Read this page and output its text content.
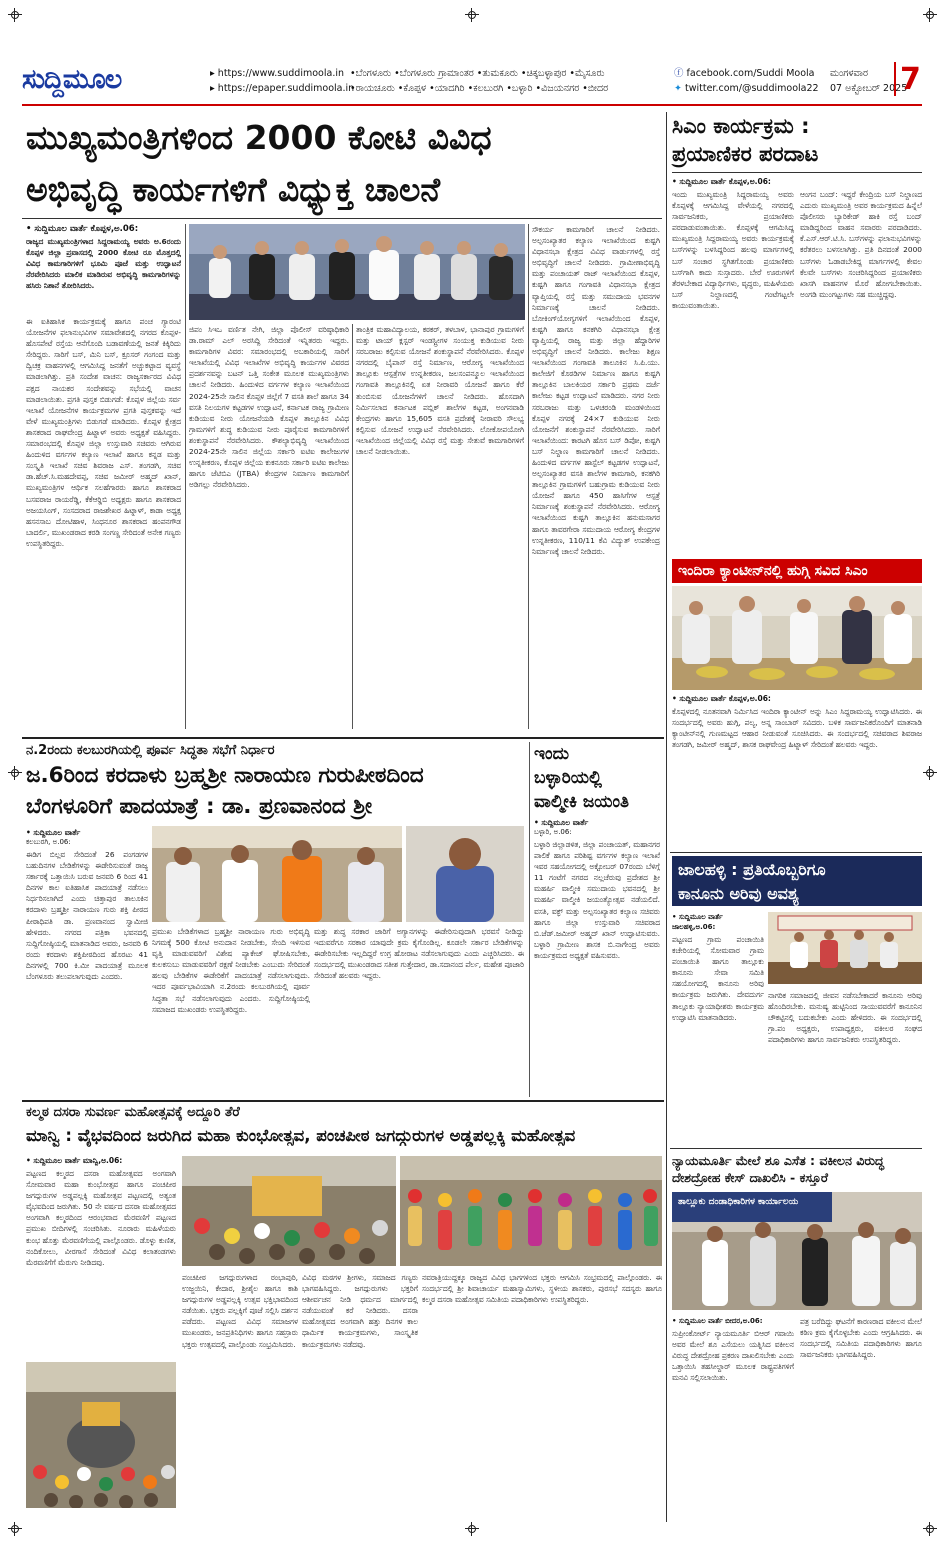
ಸುದ್ದಿಮೂಲ	▸ https://www.suddimoola.in
▸ https://epaper.suddimoola.in
•ಬೆಂಗಳೂರು •ಬೆಂಗಳೂರು ಗ್ರಾಮಾಂತರ •ತುಮಕೂರು •ಚಿಕ್ಕಬಳ್ಳಾಪುರ •ಮೈಸೂರು
•ರಾಯಚೂರು •ಕೊಪ್ಪಳ •ಯಾದಗಿರಿ •ಕಲಬುರಗಿ •ಬಳ್ಳಾರಿ •ವಿಜಯನಗರ •ಬೀದರ
ⓕ facebook.com/Suddi Moola
✦ twitter.com/@suddimoola22
ಮಂಗಳವಾರ
07 ಅಕ್ಟೋಬರ್ 2025
7
ಮುಖ್ಯಮಂತ್ರಿಗಳಿಂದ 2000 ಕೋಟಿ ವಿವಿಧ
ಅಭಿವೃದ್ಧಿ ಕಾರ್ಯಗಳಿಗೆ ವಿಧ್ಯುಕ್ತ ಚಾಲನೆ
• ಸುದ್ದಿಮೂಲ ವಾರ್ತೆ ಕೊಪ್ಪಳ,ಅ.06:
ರಾಜ್ಯದ ಮುಖ್ಯಮಂತ್ರಿಗಳಾದ ಸಿದ್ದರಾಮಯ್ಯ ಅವರು ಅ.6ರಂದು ಕೊಪ್ಪಳ ಜಿಲ್ಲಾ ಪ್ರವಾಸದಲ್ಲಿ 2000 ಕೋಟಿ ರೂ ಮೊತ್ತದಲ್ಲಿ ವಿವಿಧ ಕಾಮಗಾರಿಗಳಿಗೆ ಭೂಮಿ ಪೂಜೆ ಮತ್ತು ಉದ್ಘಾಟನೆ ನೆರವೇರಿಸಿದರು ಮಾಲಿಕ ಮಾಡಿರುವ ಅಭಿವೃದ್ಧಿ ಕಾಮಗಾರಿಗಳನ್ನು ಹಸಿರು ನಿಶಾನೆ ತೋರಿಸಿದರು.
ಈ ಐತಿಹಾಸಿಕ ಕಾರ್ಯಕ್ರಮಕ್ಕೆ ಹಾಗೂ ಪಂಚ ಗ್ಯಾರಂಟಿ ಯೋಜನೆಗಳ ಫಲಾನುಭವಿಗಳ ಸಮಾವೇಶದಲ್ಲಿ ನಗರದ ಕೊಪ್ಪಳ-ಹೊಸಪೇಟೆ ರಸ್ತೆಯ ಆನೆಗೊಂದಿ ಬಡಾವಣೆಯಲ್ಲಿ ಜನತೆ ಕಿಕ್ಕಿರಿದು ಸೇರಿದ್ದರು. ಸಾರಿಗೆ ಬಸ್, ಮಿನಿ ಬಸ್, ಕ್ರೂಸರ್ ಗಂಗಂದ ಮತ್ತು ದ್ವಿಚಕ್ರ ವಾಹನಗಳಲ್ಲಿ ಆಗಮಿಸಿದ್ದ ಜನತೆಗೆ ಅಚ್ಚುಕಟ್ಟಾದ ವ್ಯವಸ್ಥೆ ಮಾಡಲಾಗಿತ್ತು. ಪ್ರತಿ ಸಂದೇಶ ವಾಚನ: ರಾಜ್ಯಸರ್ಕಾರದ ವಿವಿಧ ಪಕ್ಷದ ನಾಯಕರ ಸಂದೇಶವನ್ನು ಸಭೆಯಲ್ಲಿ ವಾಚನ ಮಾಡಲಾಯಿತು. ಪ್ರಗತಿ ಪುಸ್ತಕ ಬಿಡುಗಡೆ: ಕೊಪ್ಪಳ ಜಿಲ್ಲೆಯ ಸರ್ವ ಇಲಾಖೆ ಯೋಜನೆಗಳ ಕಾರ್ಯಕ್ರಮಗಳ ಪ್ರಗತಿ ಪುಸ್ತಕವನ್ನು ಇದೆ ವೇಳೆ ಮುಖ್ಯಮಂತ್ರಿಗಳು ಬಿಡುಗಡೆ ಮಾಡಿದರು. ಕೊಪ್ಪಳ ಕ್ಷೇತ್ರದ ಶಾಸಕರಾದ ರಾಘವೇಂದ್ರ ಹಿಟ್ನಾಳ್ ಅವರು ಅಧ್ಯಕ್ಷತೆ ವಹಿಸಿದ್ದರು. ಸಮಾರಂಭದಲ್ಲಿ ಕೊಪ್ಪಳ ಜಿಲ್ಲಾ ಉಸ್ತುವಾರಿ ಸಚಿವರು ಆಗಿರುವ ಹಿಂದುಳಿದ ವರ್ಗಗಳ ಕಲ್ಯಾಣ ಇಲಾಖೆ ಹಾಗೂ ಕನ್ನಡ ಮತ್ತು ಸಂಸ್ಕೃತಿ ಇಲಾಖೆ ಸಚಿವ ಶಿವರಾಜ ಎಸ್. ತಂಗಡಗಿ, ಸಚಿವ ಡಾ.ಹೆಚ್.ಸಿ.ಮಹದೇವಪ್ಪ, ಸಚಿವ ಜಮೀರ್ ಅಹ್ಮದ್ ಖಾನ್, ಮುಖ್ಯಮಂತ್ರಿಗಳ ಆರ್ಥಿಕ ಸಲಹೆಗಾರರು ಹಾಗೂ ಶಾಸಕರಾದ ಬಸವರಾಜ ರಾಯರೆಡ್ಡಿ, ಕೆಕೆಆರ್‍ಡಿಬಿ ಅಧ್ಯಕ್ಷರು ಹಾಗೂ ಶಾಸಕರಾದ ಅಜಯಸಿಂಗ್, ಸಂಸದರಾದ ರಾಜಶೇಖರ ಹಿಟ್ನಾಳ್, ಕಾಡಾ ಅಧ್ಯಕ್ಷ ಹಸನಸಾಬ ದೋಟಿಹಾಳ, ಸಿಂಧನೂರ ಶಾಸಕರಾದ ಹಂಪನಗೌಡ ಬಾದರ್ಲಿ, ಮುಖಂಡರಾದ ಕರಡಿ ಸಂಗಣ್ಣ ಸೇರಿದಂತೆ ಅನೇಕ ಗಣ್ಯರು ಉಪಸ್ಥಿತರಿದ್ದರು.
ಜಿಪಂ ಸಿಇಒ ವರ್ಣಿತ ನೇಗಿ, ಜಿಲ್ಲಾ ಪೊಲೀಸ್ ವರಿಷ್ಠಾಧಿಕಾರಿ ಡಾ.ರಾಮ್ ಎಲ್ ಅರಸಿದ್ದಿ ಸೇರಿದಂತೆ ಇನ್ನಿತರರು ಇದ್ದರು. ಕಾಮಗಾರಿಗಳ ವಿವರ: ಸಮಾರಂಭದಲ್ಲಿ ಅಬಕಾರಿಯಲ್ಲಿ ಸಾರಿಗೆ ಇಲಾಖೆಯಲ್ಲಿ ವಿವಿಧ ಇಲಾಖೆಗಳ ಅಭಿವೃದ್ಧಿ ಕಾರ್ಯಗಳ ವಿವರದ ಪ್ರದರ್ಶನವನ್ನು ಬಟನ್ ಒತ್ತಿ ಸಂಕೇತ ಮೂಲಕ ಮುಖ್ಯಮಂತ್ರಿಗಳು ಚಾಲನೆ ನೀಡಿದರು. ಹಿಂದುಳಿದ ವರ್ಗಗಳ ಕಲ್ಯಾಣ ಇಲಾಖೆಯಿಂದ 2024-25ನೇ ಸಾಲಿನ ಕೊಪ್ಪಳ ಜಿಲ್ಲೆಗೆ 7 ವಸತಿ ಶಾಲೆ ಹಾಗೂ 34 ವಸತಿ ನಿಲಯಗಳ ಕಟ್ಟಡಗಳ ಉದ್ಘಾಟನೆ, ಕರ್ನಾಟಕ ರಾಜ್ಯ ಗ್ರಾಮೀಣ ಕುಡಿಯುವ ನೀರು ಯೋಜನೆಯಡಿ ಕೊಪ್ಪಳ ತಾಲ್ಲೂಕಿನ ವಿವಿಧ ಗ್ರಾಮಗಳಿಗೆ ಶುದ್ಧ ಕುಡಿಯುವ ನೀರು ಪೂರೈಸುವ ಕಾಮಗಾರಿಗಳಿಗೆ ಶಂಕುಸ್ಥಾಪನೆ ನೆರವೇರಿಸಿದರು. ಕೌಶಲ್ಯಾಭಿವೃದ್ಧಿ ಇಲಾಖೆಯಿಂದ 2024-25ನೇ ಸಾಲಿನ ಜಿಲ್ಲೆಯ ಸರ್ಕಾರಿ ಐಟಿಐ ಕಾಲೇಜುಗಳ ಉನ್ನತೀಕರಣ, ಕೊಪ್ಪಳ ಜಿಲ್ಲೆಯ ಕುಕನೂರು ಸರ್ಕಾರಿ ಐಟಿಐ ಕಾಲೇಜು ಹಾಗೂ ಜೆಟಿಬಿಎ (JTBA) ಕೇಂದ್ರಗಳ ನಿರ್ಮಾಣ ಕಾಮಗಾರಿಗೆ ಅಡಿಗಲ್ಲು ನೆರವೇರಿಸಿದರು.
ತಾಂತ್ರಿಕ ಮಹಾವಿದ್ಯಾಲಯ, ಕಠಕರ್, ತಳಬಾಳ, ಭಾನಾಪುರ ಗ್ರಾಮಗಳಿಗೆ ಮತ್ತು ಟಾಯ್ ಕ್ಲಸ್ಟರ್ ಇಂಡಸ್ಟ್ರೀಗಳ ಸಂಯುಕ್ತ ಕುಡಿಯುವ ನೀರು ಸರಬರಾಜು ಕಲ್ಪಿಸುವ ಯೋಜನೆ ಶಂಕುಸ್ಥಾಪನೆ ನೆರವೇರಿಸಿದರು. ಕೊಪ್ಪಳ ನಗರದಲ್ಲಿ ಬೈಪಾಸ್ ರಸ್ತೆ ನಿರ್ಮಾಣ, ಆರೋಗ್ಯ ಇಲಾಖೆಯಿಂದ ತಾಲ್ಲೂಕು ಆಸ್ಪತ್ರೆಗಳ ಉನ್ನತೀಕರಣ, ಜಲಸಂಪನ್ಮೂಲ ಇಲಾಖೆಯಿಂದ ಗಂಗಾವತಿ ತಾಲ್ಲೂಕಿನಲ್ಲಿ ಏತ ನೀರಾವರಿ ಯೋಜನೆ ಹಾಗೂ ಕೆರೆ ತುಂಬಿಸುವ ಯೋಜನೆಗಳಿಗೆ ಚಾಲನೆ ನೀಡಿದರು. ಹೊಸದಾಗಿ ನಿರ್ಮಿಸಲಾದ ಕರ್ನಾಟಕ ಪಬ್ಲಿಕ್ ಶಾಲೆಗಳ ಕಟ್ಟಡ, ಅಂಗನವಾಡಿ ಕೇಂದ್ರಗಳು ಹಾಗೂ 15,605 ವಸತಿ ಪ್ರದೇಶಕ್ಕೆ ನೀರಾವರಿ ಸೌಲಭ್ಯ ಕಲ್ಪಿಸುವ ಯೋಜನೆ ಉದ್ಘಾಟನೆ ನೆರವೇರಿಸಿದರು. ಲೋಕೋಪಯೋಗಿ ಇಲಾಖೆಯಿಂದ ಜಿಲ್ಲೆಯಲ್ಲಿ ವಿವಿಧ ರಸ್ತೆ ಮತ್ತು ಸೇತುವೆ ಕಾಮಗಾರಿಗಳಿಗೆ ಚಾಲನೆ ನೀಡಲಾಯಿತು.
ಸೌಕರ್ಯ ಕಾಮಗಾರಿಗೆ ಚಾಲನೆ ನೀಡಿದರು. ಅಲ್ಪಸಂಖ್ಯಾತರ ಕಲ್ಯಾಣ ಇಲಾಖೆಯಿಂದ ಕುಷ್ಟಗಿ ವಿಧಾನಸಭಾ ಕ್ಷೇತ್ರದ ವಿವಿಧ ವಾರ್ಡುಗಳಲ್ಲಿ ರಸ್ತೆ ಅಭಿವೃದ್ಧಿಗೆ ಚಾಲನೆ ನೀಡಿದರು. ಗ್ರಾಮೀಣಾಭಿವೃದ್ಧಿ ಮತ್ತು ಪಂಚಾಯತ್ ರಾಜ್ ಇಲಾಖೆಯಿಂದ ಕೊಪ್ಪಳ, ಕುಷ್ಟಗಿ ಹಾಗೂ ಗಂಗಾವತಿ ವಿಧಾನಸಭಾ ಕ್ಷೇತ್ರದ ವ್ಯಾಪ್ತಿಯಲ್ಲಿ ರಸ್ತೆ ಮತ್ತು ಸಮುದಾಯ ಭವನಗಳ ನಿರ್ಮಾಣಕ್ಕೆ ಚಾಲನೆ ನೀಡಿದರು. ಬೋಕಿಂಗ್‍ಯೋಗ್ಯಗಳಿಗೆ ಇಲಾಖೆಯಿಂದ ಕೊಪ್ಪಳ, ಕುಷ್ಟಗಿ ಹಾಗೂ ಕನಕಗಿರಿ ವಿಧಾನಸಭಾ ಕ್ಷೇತ್ರ ವ್ಯಾಪ್ತಿಯಲ್ಲಿ ರಾಜ್ಯ ಮತ್ತು ಜಿಲ್ಲಾ ಹೆದ್ದಾರಿಗಳ ಅಭಿವೃದ್ಧಿಗೆ ಚಾಲನೆ ನೀಡಿದರು. ಕಾಲೇಜು ಶಿಕ್ಷಣ ಇಲಾಖೆಯಿಂದ ಗಂಗಾವತಿ ತಾಲೂಕಿನ ಸಿ.ಪಿ.ಯು. ಕಾಲೇಜಿಗೆ ಕೊಠಡಿಗಳ ನಿರ್ಮಾಣ ಹಾಗೂ ಕುಷ್ಟಗಿ ತಾಲ್ಲೂಕಿನ ಬಾಲಕಿಯರ ಸರ್ಕಾರಿ ಪ್ರಥಮ ದರ್ಜೆ ಕಾಲೇಜು ಕಟ್ಟಡ ಉದ್ಘಾಟನೆ ಮಾಡಿದರು. ನಗರ ನೀರು ಸರಬರಾಜು ಮತ್ತು ಒಳಚರಂಡಿ ಮಂಡಳಿಯಿಂದ ಕೊಪ್ಪಳ ನಗರಕ್ಕೆ 24×7 ಕುಡಿಯುವ ನೀರು ಯೋಜನೆಗೆ ಶಂಕುಸ್ಥಾಪನೆ ನೆರವೇರಿಸಿದರು. ಸಾರಿಗೆ ಇಲಾಖೆಯಿಂದ: ಕಾರಟಗಿ ಹೊಸ ಬಸ್ ಡಿಪೋ, ಕುಷ್ಟಗಿ ಬಸ್ ನಿಲ್ದಾಣ ಕಾಮಗಾರಿಗೆ ಚಾಲನೆ ನೀಡಿದರು. ಹಿಂದುಳಿದ ವರ್ಗಗಳ ಹಾಸ್ಟೆಲ್ ಕಟ್ಟಡಗಳ ಉದ್ಘಾಟನೆ, ಅಲ್ಪಸಂಖ್ಯಾತರ ವಸತಿ ಶಾಲೆಗಳ ಕಾಮಗಾರಿ, ಕನಕಗಿರಿ ತಾಲ್ಲೂಕಿನ ಗ್ರಾಮಗಳಿಗೆ ಬಹುಗ್ರಾಮ ಕುಡಿಯುವ ನೀರು ಯೋಜನೆ ಹಾಗೂ 450 ಹಾಸಿಗೆಗಳ ಆಸ್ಪತ್ರೆ ನಿರ್ಮಾಣಕ್ಕೆ ಶಂಕುಸ್ಥಾಪನೆ ನೆರವೇರಿಸಿದರು. ಆರೋಗ್ಯ ಇಲಾಖೆಯಿಂದ ಕುಷ್ಟಗಿ ತಾಲ್ಲೂಕಿನ ಹನುಮಸಾಗರ ಹಾಗೂ ತಾವರಗೇರಾ ಸಮುದಾಯ ಆರೋಗ್ಯ ಕೇಂದ್ರಗಳ ಉನ್ನತೀಕರಣ, 110/11 ಕೆವಿ ವಿದ್ಯುತ್ ಉಪಕೇಂದ್ರ ನಿರ್ಮಾಣಕ್ಕೆ ಚಾಲನೆ ನೀಡಿದರು.
ಸಿಎಂ ಕಾರ್ಯಕ್ರಮ :
ಪ್ರಯಾಣಿಕರ ಪರದಾಟ
• ಸುದ್ದಿಮೂಲ ವಾರ್ತೆ ಕೊಪ್ಪಳ,ಅ.06:
ಇಂದು ಮುಖ್ಯಮಂತ್ರಿ ಸಿದ್ದರಾಮಯ್ಯ ಅವರು ಕೊಪ್ಪಳಕ್ಕೆ ಆಗಮಿಸಿದ್ದ ವೇಳೆಯಲ್ಲಿ ನಗರದಲ್ಲಿ ಸಾರ್ವಜನಿಕರು, ಪ್ರಯಾಣಿಕರು ಪರದಾಡುವಂತಾಯಿತು. ಕೊಪ್ಪಳಕ್ಕೆ ಆಗಮಿಸಿದ್ದ ಮುಖ್ಯಮಂತ್ರಿ ಸಿದ್ದರಾಮಯ್ಯ ಅವರು ಕಾರ್ಯಕ್ರಮಕ್ಕೆ ಬಸ್‍ಗಳನ್ನು ಬಳಸಿದ್ದರಿಂದ ಹಲವು ಮಾರ್ಗಗಳಲ್ಲಿ ಬಸ್ ಸಂಚಾರ ಸ್ಥಗಿತಗೊಂಡು ಪ್ರಯಾಣಿಕರು ಬಸ್‍ಗಾಗಿ ಕಾದು ಸುಸ್ತಾದರು. ಬೇರೆ ಊರುಗಳಿಗೆ ತೆರಳಬೇಕಾದ ವಿದ್ಯಾರ್ಥಿಗಳು, ವೃದ್ಧರು, ಮಹಿಳೆಯರು ಬಸ್ ನಿಲ್ದಾಣದಲ್ಲಿ ಗಂಟೆಗಟ್ಟಲೇ ಕಾಯುವಂತಾಯಿತು.
ಆಂಗನ ಬಂದ್: ಇದ್ದರೆ ಕೇಂದ್ರಿಯ ಬಸ್ ನಿಲ್ದಾಣದ ಎದುರು ಮುಖ್ಯಮಂತ್ರಿ ಅವರ ಕಾರ್ಯಕ್ರಮದ ಹಿನ್ನೆಲೆ ಪೊಲೀಸರು ಬ್ಯಾರಿಕೇಡ್ ಹಾಕಿ ರಸ್ತೆ ಬಂದ್ ಮಾಡಿದ್ದರಿಂದ ವಾಹನ ಸವಾರರು ಪರದಾಡಿದರು. ಕೆ.ಎಸ್.ಆರ್.ಟಿ.ಸಿ. ಬಸ್‍ಗಳನ್ನು ಫಲಾನುಭವಿಗಳನ್ನು ಕರೆತರಲು ಬಳಸಲಾಗಿತ್ತು. ಪ್ರತಿ ದಿನದಂತೆ 2000 ಬಸ್‍ಗಳು ಓಡಾಡಬೇಕಿದ್ದ ಮಾರ್ಗಗಳಲ್ಲಿ ಕೇವಲ ಕೆಲವೇ ಬಸ್‍ಗಳು ಸಂಚರಿಸಿದ್ದರಿಂದ ಪ್ರಯಾಣಿಕರು ಖಾಸಗಿ ವಾಹನಗಳ ಮೊರೆ ಹೋಗಬೇಕಾಯಿತು. ಅಂಗಡಿ ಮುಂಗಟ್ಟುಗಳು ಸಹ ಮುಚ್ಚಿದ್ದವು.
ಇಂದಿರಾ ಕ್ಯಾಂಟೀನ್‍ನಲ್ಲಿ ಹುಗ್ಗಿ ಸವಿದ ಸಿಎಂ
• ಸುದ್ದಿಮೂಲ ವಾರ್ತೆ ಕೊಪ್ಪಳ,ಅ.06:
ಕೊಪ್ಪಳದಲ್ಲಿ ನೂತನವಾಗಿ ನಿರ್ಮಿಸಿದ ಇಂದಿರಾ ಕ್ಯಾಂಟೀನ್ ಅನ್ನು ಸಿಎಂ ಸಿದ್ದರಾಮಯ್ಯ ಉದ್ಘಾಟಿಸಿದರು. ಈ ಸಂದರ್ಭದಲ್ಲಿ ಅವರು ಹುಗ್ಗಿ, ಪಲ್ಯ, ಅನ್ನ ಸಾಂಬಾರ್ ಸವಿದರು. ಬಳಿಕ ಸಾರ್ವಜನಿಕರೊಂದಿಗೆ ಮಾತನಾಡಿ ಕ್ಯಾಂಟೀನ್‍ನಲ್ಲಿ ಗುಣಮಟ್ಟದ ಆಹಾರ ನೀಡುವಂತೆ ಸೂಚಿಸಿದರು. ಈ ಸಂದರ್ಭದಲ್ಲಿ ಸಚಿವರಾದ ಶಿವರಾಜ ತಂಗಡಗಿ, ಜಮೀರ್ ಅಹ್ಮದ್, ಶಾಸಕ ರಾಘವೇಂದ್ರ ಹಿಟ್ನಾಳ್ ಸೇರಿದಂತೆ ಹಲವರು ಇದ್ದರು.
ಜಾಲಹಳ್ಳಿ : ಪ್ರತಿಯೊಬ್ಬರಿಗೂ
ಕಾನೂನು ಅರಿವು ಅವಶ್ಯ
• ಸುದ್ದಿಮೂಲ ವಾರ್ತೆ ಜಾಲಹಳ್ಳಿ,ಅ.06:
ಪಟ್ಟಣದ ಗ್ರಾಮ ಪಂಚಾಯಿತಿ ಕಚೇರಿಯಲ್ಲಿ ಸೋಮವಾರ ಗ್ರಾಮ ಪಂಚಾಯಿತಿ ಹಾಗೂ ತಾಲ್ಲೂಕು ಕಾನೂನು ಸೇವಾ ಸಮಿತಿ ಸಹಯೋಗದಲ್ಲಿ ಕಾನೂನು ಅರಿವು ಕಾರ್ಯಕ್ರಮ ಜರುಗಿತು. ದೇವದುರ್ಗ ತಾಲ್ಲೂಕು ನ್ಯಾಯಾಧೀಶರು ಕಾರ್ಯಕ್ರಮ ಉದ್ಘಾಟಿಸಿ ಮಾತನಾಡಿದರು.
ನಾಗರಿಕ ಸಮಾಜದಲ್ಲಿ ಜೀವನ ನಡೆಸಬೇಕಾದರೆ ಕಾನೂನು ಅರಿವು ಹೊಂದಿರಬೇಕು. ಮನುಷ್ಯ ಹುಟ್ಟಿನಿಂದ ಸಾಯುವವರೆಗೆ ಕಾನೂನಿನ ಚೌಕಟ್ಟಿನಲ್ಲಿ ಬದುಕಬೇಕು ಎಂದು ಹೇಳಿದರು. ಈ ಸಂದರ್ಭದಲ್ಲಿ ಗ್ರಾ.ಪಂ ಅಧ್ಯಕ್ಷರು, ಉಪಾಧ್ಯಕ್ಷರು, ವಕೀಲರ ಸಂಘದ ಪದಾಧಿಕಾರಿಗಳು ಹಾಗೂ ಸಾರ್ವಜನಿಕರು ಉಪಸ್ಥಿತರಿದ್ದರು.
ನ್ಯಾಯಮೂರ್ತಿ ಮೇಲೆ ಶೂ ಎಸೆತ : ವಕೀಲನ ವಿರುದ್ಧ ದೇಶದ್ರೋಹ ಕೇಸ್ ದಾಖಲಿಸಿ - ಕಸ್ತೂರೆ
ತಾಲ್ಲೂಕು ದಂಡಾಧಿಕಾರಿಗಳ ಕಾರ್ಯಾಲಯ
• ಸುದ್ದಿಮೂಲ ವಾರ್ತೆ ಬೀದರ,ಅ.06:
ಸುಪ್ರೀಂಕೋರ್ಟ್ ನ್ಯಾಯಮೂರ್ತಿ ಬಿಆರ್ ಗವಾಯಿ ಅವರ ಮೇಲೆ ಶೂ ಎಸೆಯಲು ಯತ್ನಿಸಿದ ವಕೀಲನ ವಿರುದ್ಧ ದೇಶದ್ರೋಹ ಪ್ರಕರಣ ದಾಖಲಿಸಬೇಕು ಎಂದು ಒತ್ತಾಯಿಸಿ ತಹಸೀಲ್ದಾರ್ ಮೂಲಕ ರಾಷ್ಟ್ರಪತಿಗಳಿಗೆ ಮನವಿ ಸಲ್ಲಿಸಲಾಯಿತು.
ಪತ್ರ ಬರೆದಿದ್ದು ಘಟನೆಗೆ ಕಾರಣರಾದ ವಕೀಲನ ಮೇಲೆ ಕಠಿಣ ಕ್ರಮ ಕೈಗೊಳ್ಳಬೇಕು ಎಂದು ಆಗ್ರಹಿಸಿದರು. ಈ ಸಂದರ್ಭದಲ್ಲಿ ಸಮಿತಿಯ ಪದಾಧಿಕಾರಿಗಳು ಹಾಗೂ ಸಾರ್ವಜನಿಕರು ಭಾಗವಹಿಸಿದ್ದರು.
ನ.2ರಂದು ಕಲಬುರಗಿಯಲ್ಲಿ ಪೂರ್ವ ಸಿದ್ಧತಾ ಸಭೆಗೆ ನಿರ್ಧಾರ
ಜ.6ರಿಂದ ಕರದಾಳು ಬ್ರಹ್ಮಶ್ರೀ ನಾರಾಯಣ ಗುರುಪೀಠದಿಂದ
ಬೆಂಗಳೂರಿಗೆ ಪಾದಯಾತ್ರೆ : ಡಾ. ಪ್ರಣವಾನಂದ ಶ್ರೀ
• ಸುದ್ದಿಮೂಲ ವಾರ್ತೆ
ಕಲಬುರಗಿ, ಅ.06:
ಈಡಿಗ ಬಿಲ್ಲವ ಸೇರಿದಂತೆ 26 ಪಂಗಡಗಳ ಬಹುದಿನಗಳ ಬೇಡಿಕೆಗಳನ್ನು ಈಡೇರಿಸುವಂತೆ ರಾಜ್ಯ ಸರ್ಕಾರಕ್ಕೆ ಒತ್ತಾಯಿಸಿ ಬರುವ ಜನವರಿ 6 ರಿಂದ 41 ದಿನಗಳ ಕಾಲ ಐತಿಹಾಸಿಕ ಪಾದಯಾತ್ರೆ ನಡೆಸಲು ನಿರ್ಧರಿಸಲಾಗಿದೆ ಎಂದು ಚಿತ್ತಾಪುರ ತಾಲೂಕಿನ ಕರದಾಳು ಬ್ರಹ್ಮಶ್ರೀ ನಾರಾಯಣ ಗುರು ಶಕ್ತಿ ಪೀಠದ ಪೀಠಾಧಿಪತಿ ಡಾ. ಪ್ರಣವಾನಂದ ಸ್ವಾಮೀಜಿ ಹೇಳಿದರು. ನಗರದ ಪತ್ರಿಕಾ ಭವನದಲ್ಲಿ ಸುದ್ದಿಗೋಷ್ಠಿಯಲ್ಲಿ ಮಾತನಾಡಿದ ಅವರು, ಜನವರಿ 6 ರಂದು ಕರದಾಳು ಶಕ್ತಿಪೀಠದಿಂದ ಹೊರಟು 41 ದಿನಗಳಲ್ಲಿ 700 ಕಿ.ಮೀ ಪಾದಯಾತ್ರೆ ಮೂಲಕ ಬೆಂಗಳೂರು ತಲುಪಲಾಗುವುದು ಎಂದರು.
ಪ್ರಮುಖ ಬೇಡಿಕೆಗಳಾದ ಬ್ರಹ್ಮಶ್ರೀ ನಾರಾಯಣ ಗುರು ಅಭಿವೃದ್ಧಿ ನಿಗಮಕ್ಕೆ 500 ಕೋಟಿ ಅನುದಾನ ನೀಡಬೇಕು, ಸೇಂದಿ ಇಳಿಸುವ ವೃತ್ತಿ ಮಾಡುವವರಿಗೆ ವಿಶೇಷ ಪ್ಯಾಕೇಜ್ ಘೋಷಿಸಬೇಕು, ಕುಲಕಸುಬು ಮಾಡುವವರಿಗೆ ರಕ್ಷಣೆ ನೀಡಬೇಕು ಎಂಬುದು ಸೇರಿದಂತೆ ಹಲವು ಬೇಡಿಕೆಗಳ ಈಡೇರಿಕೆಗೆ ಪಾದಯಾತ್ರೆ ನಡೆಸಲಾಗುವುದು. ಇದರ ಪೂರ್ವಭಾವಿಯಾಗಿ ನ.2ರಂದು ಕಲಬುರಗಿಯಲ್ಲಿ ಪೂರ್ವ ಸಿದ್ಧತಾ ಸಭೆ ನಡೆಸಲಾಗುವುದು ಎಂದರು. ಸುದ್ದಿಗೋಷ್ಠಿಯಲ್ಲಿ ಸಮಾಜದ ಮುಖಂಡರು ಉಪಸ್ಥಿತರಿದ್ದರು.
ಮತ್ತು ಶುದ್ಧ ಸರಕಾರ ಜಾರಿಗೆ ಅಗ್ಯಾನಗಳನ್ನು ಈಡೇರಿಸುವುದಾಗಿ ಭರವಸೆ ನೀಡಿದ್ದು ಇದುವರೆಗೂ ಸರಕಾರ ಯಾವುದೇ ಕ್ರಮ ಕೈಗೊಂಡಿಲ್ಲ. ಕೂಡಲೇ ಸರ್ಕಾರ ಬೇಡಿಕೆಗಳನ್ನು ಈಡೇರಿಸಬೇಕು ಇಲ್ಲದಿದ್ದರೆ ಉಗ್ರ ಹೋರಾಟ ನಡೆಸಲಾಗುವುದು ಎಂದು ಎಚ್ಚರಿಸಿದರು. ಈ ಸಂದರ್ಭದಲ್ಲಿ ಮುಖಂಡರಾದ ಸತೀಶ ಗುತ್ತೇದಾರ, ಡಾ.ಸದಾನಂದ ಪೆರ್ಲ, ಮಹೇಶ ಪೂಜಾರಿ ಸೇರಿದಂತೆ ಹಲವರು ಇದ್ದರು.
ಇಂದು
ಬಳ್ಳಾರಿಯಲ್ಲಿ
ವಾಲ್ಮೀಕಿ ಜಯಂತಿ
• ಸುದ್ದಿಮೂಲ ವಾರ್ತೆ
ಬಳ್ಳಾರಿ, ಅ.06:
ಬಳ್ಳಾರಿ ಜಿಲ್ಲಾಡಳಿತ, ಜಿಲ್ಲಾ ಪಂಚಾಯತ್, ಮಹಾನಗರ ಪಾಲಿಕೆ ಹಾಗೂ ಪರಿಶಿಷ್ಟ ವರ್ಗಗಳ ಕಲ್ಯಾಣ ಇಲಾಖೆ ಇವರ ಸಹಯೋಗದಲ್ಲಿ ಅಕ್ಟೋಬರ್ 07ರಂದು ಬೆಳಿಗ್ಗೆ 11 ಗಂಟೆಗೆ ನಗರದ ನಲ್ಲಚೆರುವು ಪ್ರದೇಶದ ಶ್ರೀ ಮಹರ್ಷಿ ವಾಲ್ಮೀಕಿ ಸಮುದಾಯ ಭವನದಲ್ಲಿ ಶ್ರೀ ಮಹರ್ಷಿ ವಾಲ್ಮೀಕಿ ಜಯಂತ್ಯೋತ್ಸವ ನಡೆಯಲಿದೆ. ವಸತಿ, ವಕ್ಫ್ ಮತ್ತು ಅಲ್ಪಸಂಖ್ಯಾತರ ಕಲ್ಯಾಣ ಸಚಿವರು ಹಾಗೂ ಜಿಲ್ಲಾ ಉಸ್ತುವಾರಿ ಸಚಿವರಾದ ಬಿ.ಜೆಡ್.ಜಮೀರ್ ಅಹ್ಮದ್ ಖಾನ್ ಉದ್ಘಾಟಿಸುವರು. ಬಳ್ಳಾರಿ ಗ್ರಾಮೀಣ ಶಾಸಕ ಬಿ.ನಾಗೇಂದ್ರ ಅವರು ಕಾರ್ಯಕ್ರಮದ ಅಧ್ಯಕ್ಷತೆ ವಹಿಸುವರು.
ಕಲ್ಮಠ ದಸರಾ ಸುವರ್ಣ ಮಹೋತ್ಸವಕ್ಕೆ ಅದ್ದೂರಿ ತೆರೆ
ಮಾನ್ವಿ : ವೈಭವದಿಂದ ಜರುಗಿದ ಮಹಾ ಕುಂಭೋತ್ಸವ, ಪಂಚಪೀಠ ಜಗದ್ಗುರುಗಳ ಅಡ್ಡಪಲ್ಲಕ್ಕಿ ಮಹೋತ್ಸವ
• ಸುದ್ದಿಮೂಲ ವಾರ್ತೆ ಮಾನ್ವಿ,ಅ.06:
ಪಟ್ಟಣದ ಕಲ್ಮಠದ ದಸರಾ ಮಹೋತ್ಸವದ ಅಂಗವಾಗಿ ಸೋಮವಾರ ಮಹಾ ಕುಂಭೋತ್ಸವ ಹಾಗೂ ಪಂಚಪೀಠ ಜಗದ್ಗುರುಗಳ ಅಡ್ಡಪಲ್ಲಕ್ಕಿ ಮಹೋತ್ಸವ ಪಟ್ಟಣದಲ್ಲಿ ಅತ್ಯಂತ ವೈಭವದಿಂದ ಜರುಗಿತು. 50 ನೇ ವರ್ಷದ ದಸರಾ ಮಹೋತ್ಸವದ ಅಂಗವಾಗಿ ಕಲ್ಮಠದಿಂದ ಆರಂಭವಾದ ಮೆರವಣಿಗೆ ಪಟ್ಟಣದ ಪ್ರಮುಖ ಬೀದಿಗಳಲ್ಲಿ ಸಂಚರಿಸಿತು. ನೂರಾರು ಮಹಿಳೆಯರು ಕುಂಭ ಹೊತ್ತು ಮೆರವಣಿಗೆಯಲ್ಲಿ ಪಾಲ್ಗೊಂಡರು. ಡೊಳ್ಳು ಕುಣಿತ, ನಂದಿಕೋಲು, ವೀರಗಾಸೆ ಸೇರಿದಂತೆ ವಿವಿಧ ಕಲಾತಂಡಗಳು ಮೆರವಣಿಗೆಗೆ ಮೆರುಗು ನೀಡಿದವು.
ಪಂಚಪೀಠ ಜಗದ್ಗುರುಗಳಾದ ರಂಭಾಪುರಿ, ಉಜ್ಜಯಿನಿ, ಕೇದಾರ, ಶ್ರೀಶೈಲ ಹಾಗೂ ಕಾಶಿ ಜಗದ್ಗುರುಗಳ ಅಡ್ಡಪಲ್ಲಕ್ಕಿ ಉತ್ಸವ ಭಕ್ತಿಭಾವದಿಂದ ನಡೆಯಿತು. ಭಕ್ತರು ಪಲ್ಲಕ್ಕಿಗೆ ಪೂಜೆ ಸಲ್ಲಿಸಿ ದರ್ಶನ ಪಡೆದರು. ಪಟ್ಟಣದ ವಿವಿಧ ಸಮಾಜಗಳ ಮುಖಂಡರು, ಜನಪ್ರತಿನಿಧಿಗಳು ಹಾಗೂ ಸಹಸ್ರಾರು ಭಕ್ತರು ಉತ್ಸವದಲ್ಲಿ ಪಾಲ್ಗೊಂಡು ಸಂಭ್ರಮಿಸಿದರು.
ವಿವಿಧ ಮಠಗಳ ಶ್ರೀಗಳು, ಸಮಾಜದ ಗಣ್ಯರು ಭಾಗವಹಿಸಿದ್ದರು. ಜಗದ್ಗುರುಗಳು ಭಕ್ತರಿಗೆ ಆಶೀರ್ವಚನ ನೀಡಿ ಧರ್ಮದ ಮಾರ್ಗದಲ್ಲಿ ನಡೆಯುವಂತೆ ಕರೆ ನೀಡಿದರು. ದಸರಾ ಮಹೋತ್ಸವದ ಅಂಗವಾಗಿ ಹತ್ತು ದಿನಗಳ ಕಾಲ ಧಾರ್ಮಿಕ ಕಾರ್ಯಕ್ರಮಗಳು, ಸಾಂಸ್ಕೃತಿಕ ಕಾರ್ಯಕ್ರಮಗಳು ನಡೆದವು.
ನವರಾತ್ರಿಯುದ್ದಕ್ಕೂ ರಾಜ್ಯದ ವಿವಿಧ ಭಾಗಗಳಿಂದ ಭಕ್ತರು ಆಗಮಿಸಿ ಸಂಭ್ರಮದಲ್ಲಿ ಪಾಲ್ಗೊಂಡರು. ಈ ಸಂದರ್ಭದಲ್ಲಿ ಶ್ರೀ ಶಿವಾಚಾರ್ಯ ಮಹಾಸ್ವಾಮಿಗಳು, ಸ್ಥಳೀಯ ಶಾಸಕರು, ಪುರಸಭೆ ಸದಸ್ಯರು ಹಾಗೂ ಕಲ್ಮಠ ದಸರಾ ಮಹೋತ್ಸವ ಸಮಿತಿಯ ಪದಾಧಿಕಾರಿಗಳು ಉಪಸ್ಥಿತರಿದ್ದರು.
